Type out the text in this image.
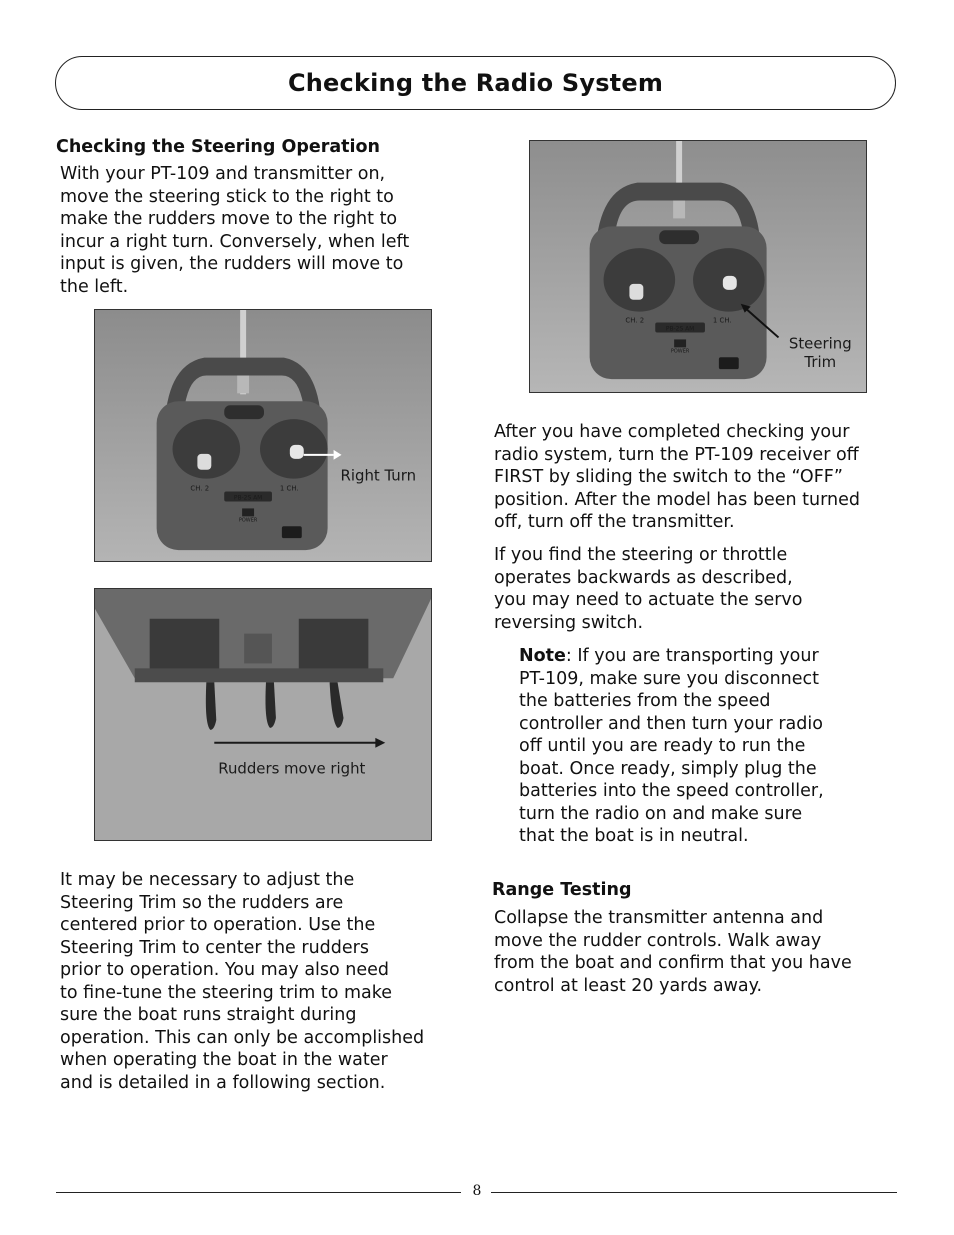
Checking the Radio System
Checking the Steering Operation

With your PT-109 and transmitter on,
move the steering stick to the right to
make the rudders move to the right to
incur a right turn. Conversely, when left
input is given, the rudders will move to
the left.

PB-2S AM
CH. 2	1 CH.
POWER
Right Turn
Rudders move right

It may be necessary to adjust the
Steering Trim so the rudders are
centered prior to operation. Use the
Steering Trim to center the rudders
prior to operation. You may also need
to fine-tune the steering trim to make
sure the boat runs straight during
operation. This can only be accomplished
when operating the boat in the water
and is detailed in a following section.

PB-2S AM
CH. 2	1 CH.
POWER	Steering
Trim

After you have completed checking your
radio system, turn the PT-109 receiver off
FIRST by sliding the switch to the “OFF”
position. After the model has been turned
off, turn off the transmitter.

If you find the steering or throttle
operates backwards as described,
you may need to actuate the servo
reversing switch.

Note: If you are transporting your
PT-109, make sure you disconnect
the batteries from the speed
controller and then turn your radio
off until you are ready to run the
boat. Once ready, simply plug the
batteries into the speed controller,
turn the radio on and make sure
that the boat is in neutral.

Range Testing

Collapse the transmitter antenna and
move the rudder controls. Walk away
from the boat and confirm that you have
control at least 20 yards away.

8
